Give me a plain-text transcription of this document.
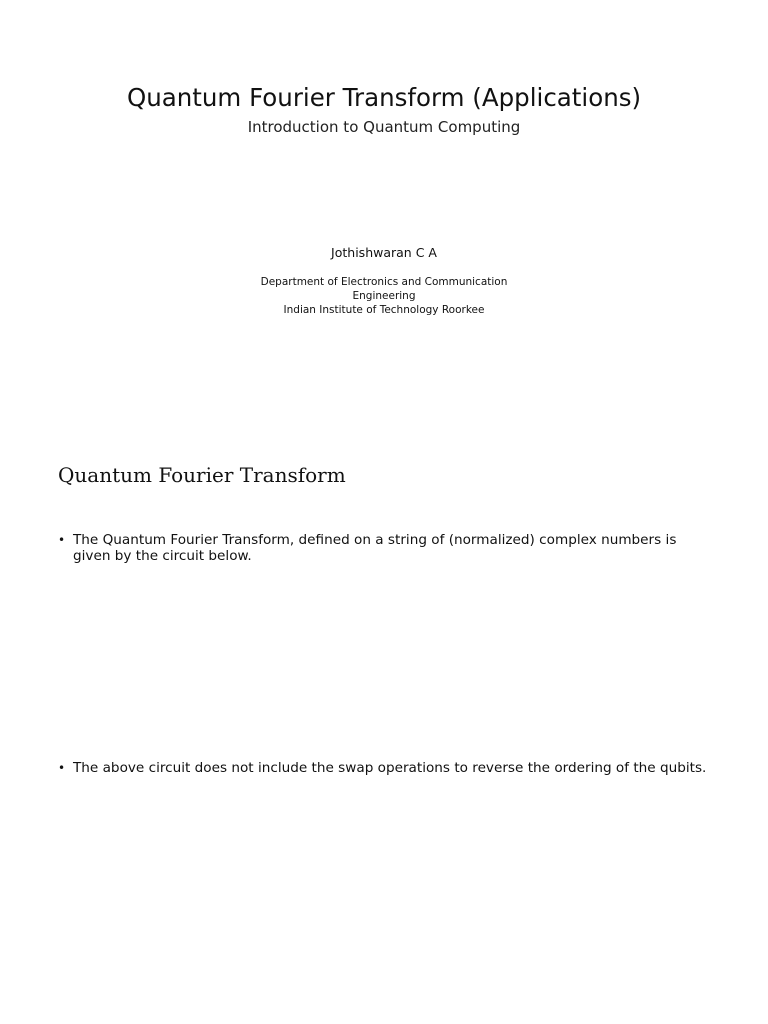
Quantum Fourier Transform (Applications)
Introduction to Quantum Computing
Jothishwaran C A
Department of Electronics and Communication
Engineering
Indian Institute of Technology Roorkee
Quantum Fourier Transform
• The Quantum Fourier Transform, defined on a string of (normalized) complex numbers is given by the circuit below.
• The above circuit does not include the swap operations to reverse the ordering of the qubits.
